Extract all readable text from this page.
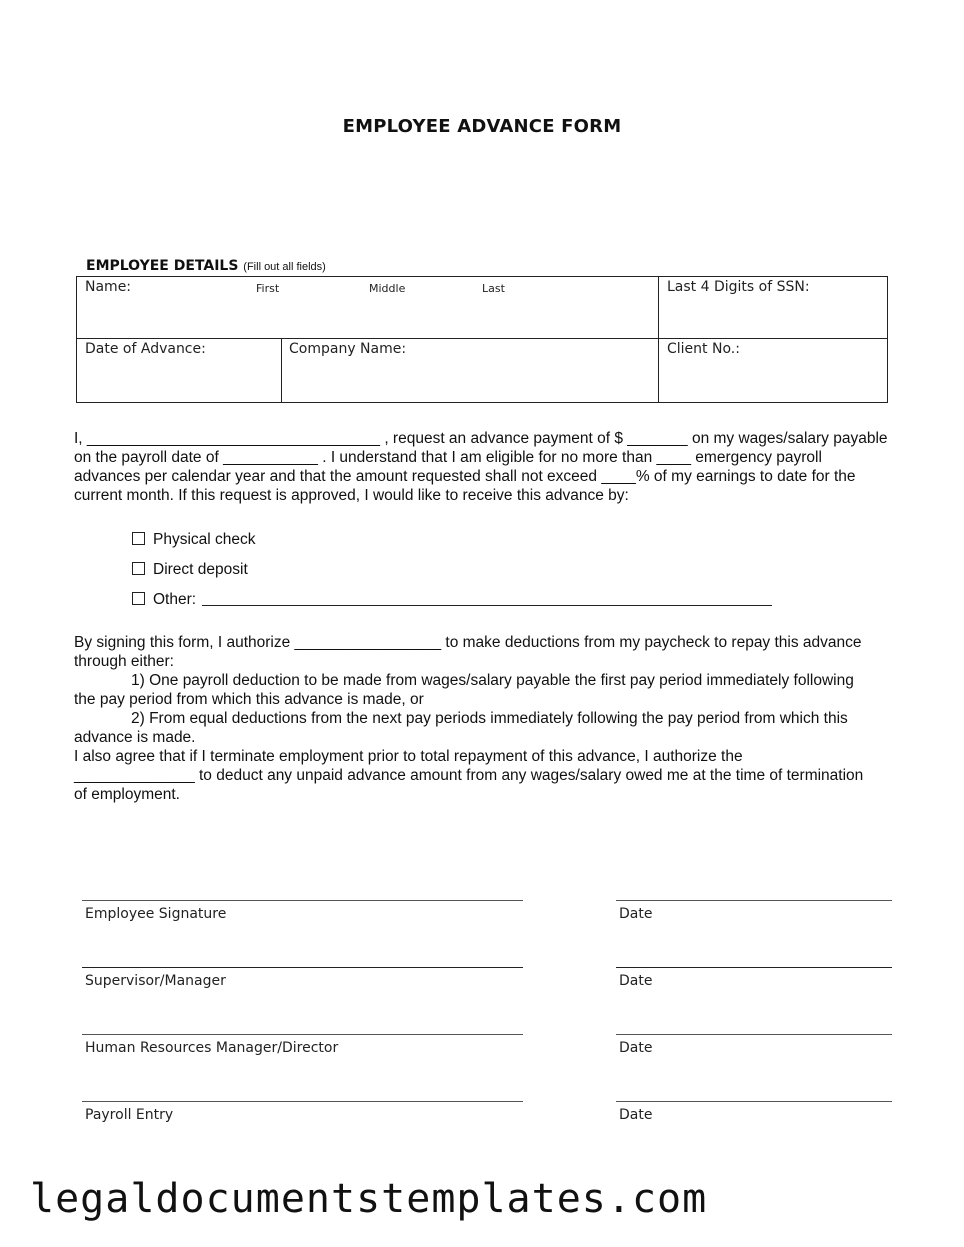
EMPLOYEE ADVANCE FORM
EMPLOYEE DETAILS (Fill out all fields)
Name:	First	Middle	Last	Last 4 Digits of SSN:
Date of Advance:	Company Name:	Client No.:

I, __________________________________ , request an advance payment of $ _______ on my wages/salary payable

on the payroll date of ___________ . I understand that I am eligible for no more than ____ emergency payroll

advances per calendar year and that the amount requested shall not exceed ____% of my earnings to date for the

current month. If this request is approved, I would like to receive this advance by:

Physical check
Direct deposit
Other:

By signing this form, I authorize _________________ to make deductions from my paycheck to repay this advance

through either:

1) One payroll deduction to be made from wages/salary payable the first pay period immediately following

the pay period from which this advance is made, or

2) From equal deductions from the next pay periods immediately following the pay period from which this

advance is made.

I also agree that if I terminate employment prior to total repayment of this advance, I authorize the

______________ to deduct any unpaid advance amount from any wages/salary owed me at the time of termination

of employment.

Employee Signature	Date
Supervisor/Manager	Date
Human Resources Manager/Director	Date
Payroll Entry	Date
legaldocumentstemplates.com
